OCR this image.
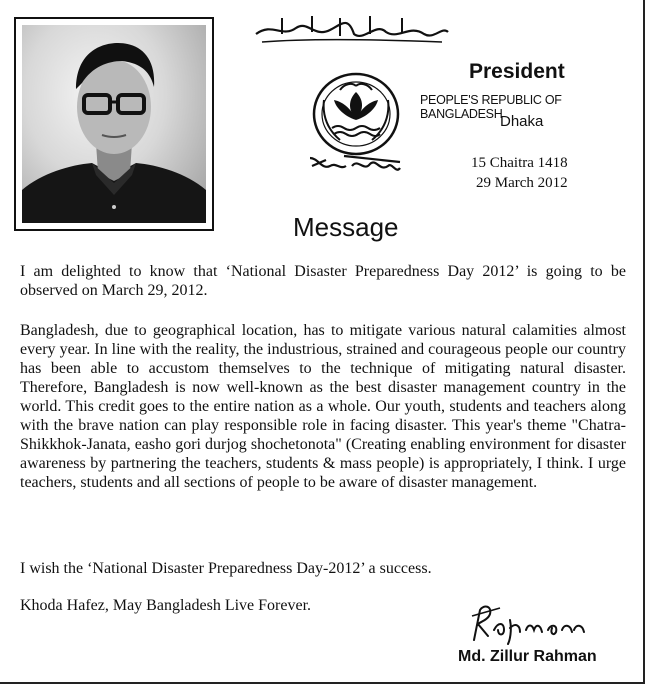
President
PEOPLE'S REPUBLIC OF BANGLADESH
Dhaka
15 Chaitra 1418
29 March 2012
Message

I am delighted to know that ‘National Disaster Preparedness Day 2012’ is going to be observed on March 29, 2012.

Bangladesh, due to geographical location, has to mitigate various natural calamities almost every year. In line with the reality, the industrious, strained and courageous people our country has been able to accustom themselves to the technique of mitigating natural disaster. Therefore, Bangladesh is now well-known as the best disaster management country in the world. This credit goes to the entire nation as a whole. Our youth, students and teachers along with the brave nation can play responsible role in facing disaster. This year's theme "Chatra-Shikkhok-Janata, easho gori durjog shochetonota" (Creating enabling environment for disaster awareness by partnering the teachers, students & mass people) is appropriately, I think. I urge teachers, students and all sections of people to be aware of disaster management.

I wish the ‘National Disaster Preparedness Day-2012’ a success.

Khoda Hafez, May Bangladesh Live Forever.

Md. Zillur Rahman
